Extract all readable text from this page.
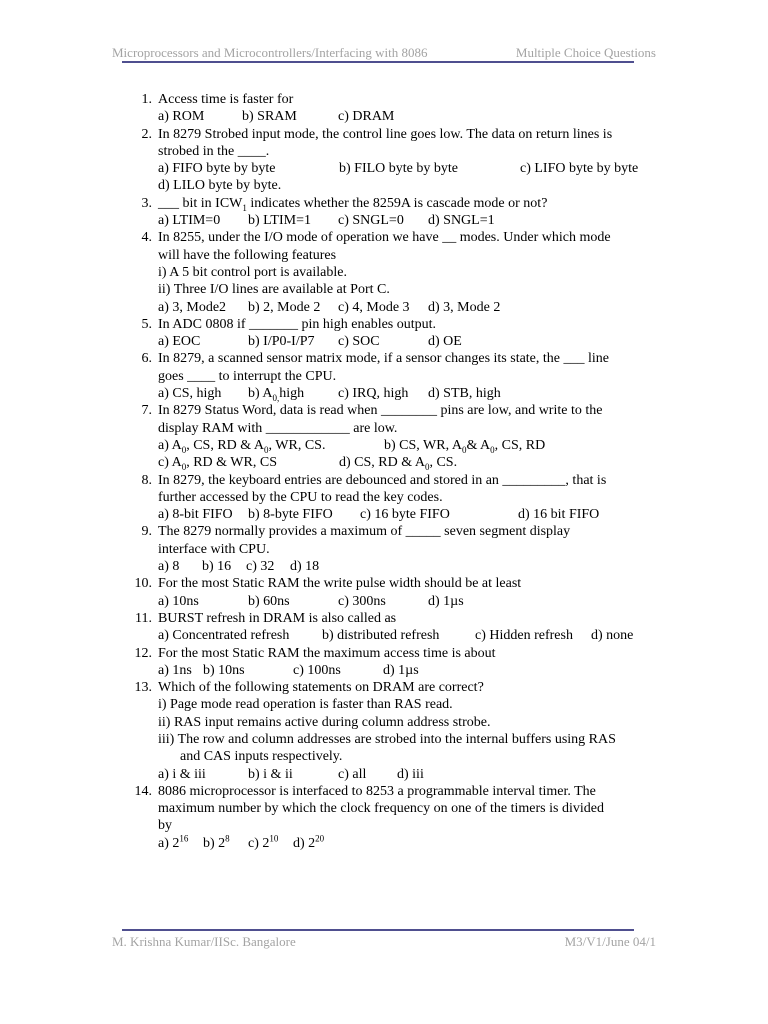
Microprocessors and Microcontrollers/Interfacing with 8086	Multiple Choice Questions
1. Access time is faster for
a) ROM	b) SRAM	c) DRAM
2. In 8279 Strobed input mode, the control line goes low. The data on return lines is
strobed in the ____.
a) FIFO byte by byte	b) FILO byte by byte	c) LIFO byte by byte
d) LILO byte by byte.
3. ___ bit in $ICW_1$ indicates whether the 8259A is cascade mode or not?
a) LTIM=0	b) LTIM=1	c) SNGL=0	d) SNGL=1
4. In 8255, under the I/O mode of operation we have __ modes. Under which mode
will have the following features
i) A 5 bit control port is available.
ii) Three I/O lines are available at Port C.
a) 3, Mode2	b) 2, Mode 2	c) 4, Mode 3	d) 3, Mode 2
5. In ADC 0808 if _______ pin high enables output.
a) EOC	b) I/P0-I/P7	c) SOC	d) OE
6. In 8279, a scanned sensor matrix mode, if a sensor changes its state, the ___ line
goes ____ to interrupt the CPU.
a) CS, high	b) $A_{0,}high$	c) IRQ, high	d) STB, high
7. In 8279 Status Word, data is read when ________ pins are low, and write to the
display RAM with ____________ are low.
a) $A_0$, CS, RD & $A_0$, WR, CS.	b) CS, WR, $A_0\&$ $A_0$, CS, RD
c) $A_0$, RD & WR, CS	d) CS, RD & $A_0$, CS.
8. In 8279, the keyboard entries are debounced and stored in an _________, that is
further accessed by the CPU to read the key codes.
a) 8-bit FIFO	b) 8-byte FIFO	c) 16 byte FIFO	d) 16 bit FIFO
9. The 8279 normally provides a maximum of _____ seven segment display
interface with CPU.
a) 8	b) 16	c) 32	d) 18
10. For the most Static RAM the write pulse width should be at least
a) 10ns	b) 60ns	c) 300ns	d) 1µs
11. BURST refresh in DRAM is also called as
a) Concentrated refresh	b) distributed refresh	c) Hidden refresh	d) none
12. For the most Static RAM the maximum access time is about
a) 1ns b) 10ns	c) 100ns	d) 1µs
13. Which of the following statements on DRAM are correct?
i) Page mode read operation is faster than RAS read.
ii) RAS input remains active during column address strobe.
iii) The row and column addresses are strobed into the internal buffers using RAS
and CAS inputs respectively.
a) i & iii	b) i & ii	c) all	d) iii
14. 8086 microprocessor is interfaced to 8253 a programmable interval timer. The
maximum number by which the clock frequency on one of the timers is divided
by
a) $2^{16}$	b) $2^8$	c) $2^{10}$	d) $2^{20}$
M. Krishna Kumar/IISc. Bangalore	M3/V1/June 04/1
